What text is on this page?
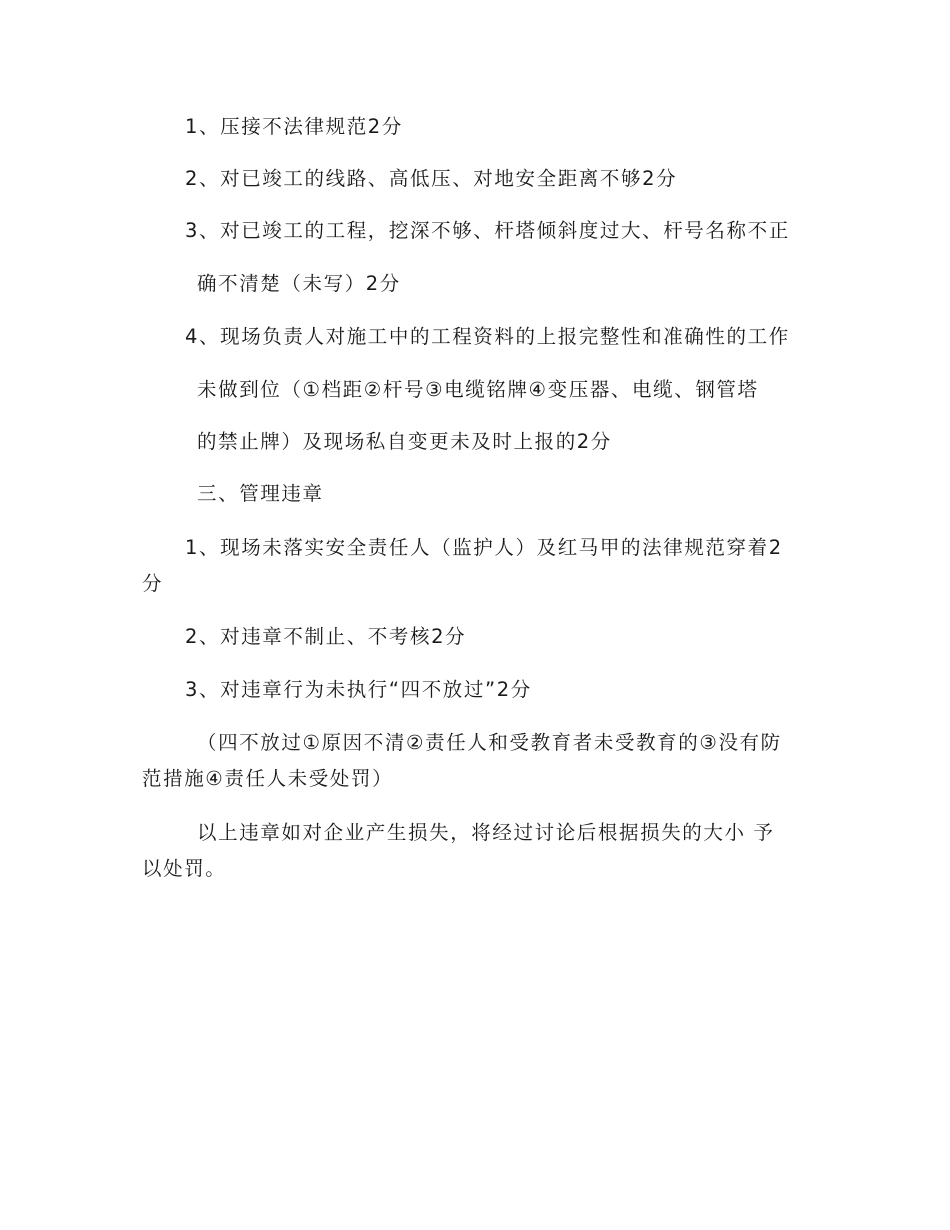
1、压接不法律规范2分
2、对已竣工的线路、高低压、对地安全距离不够2分
3、对已竣工的工程，挖深不够、杆塔倾斜度过大、杆号名称不正
确不清楚（未写）2分
4、现场负责人对施工中的工程资料的上报完整性和准确性的工作
未做到位（①档距②杆号③电缆铭牌④变压器、电缆、钢管塔
的禁止牌）及现场私自变更未及时上报的2分
三、管理违章
1、现场未落实安全责任人（监护人）及红马甲的法律规范穿着2
分
2、对违章不制止、不考核2分
3、对违章行为未执行“四不放过”2分
（四不放过①原因不清②责任人和受教育者未受教育的③没有防
范措施④责任人未受处罚）
以上违章如对企业产生损失，将经过讨论后根据损失的大小 予
以处罚。
